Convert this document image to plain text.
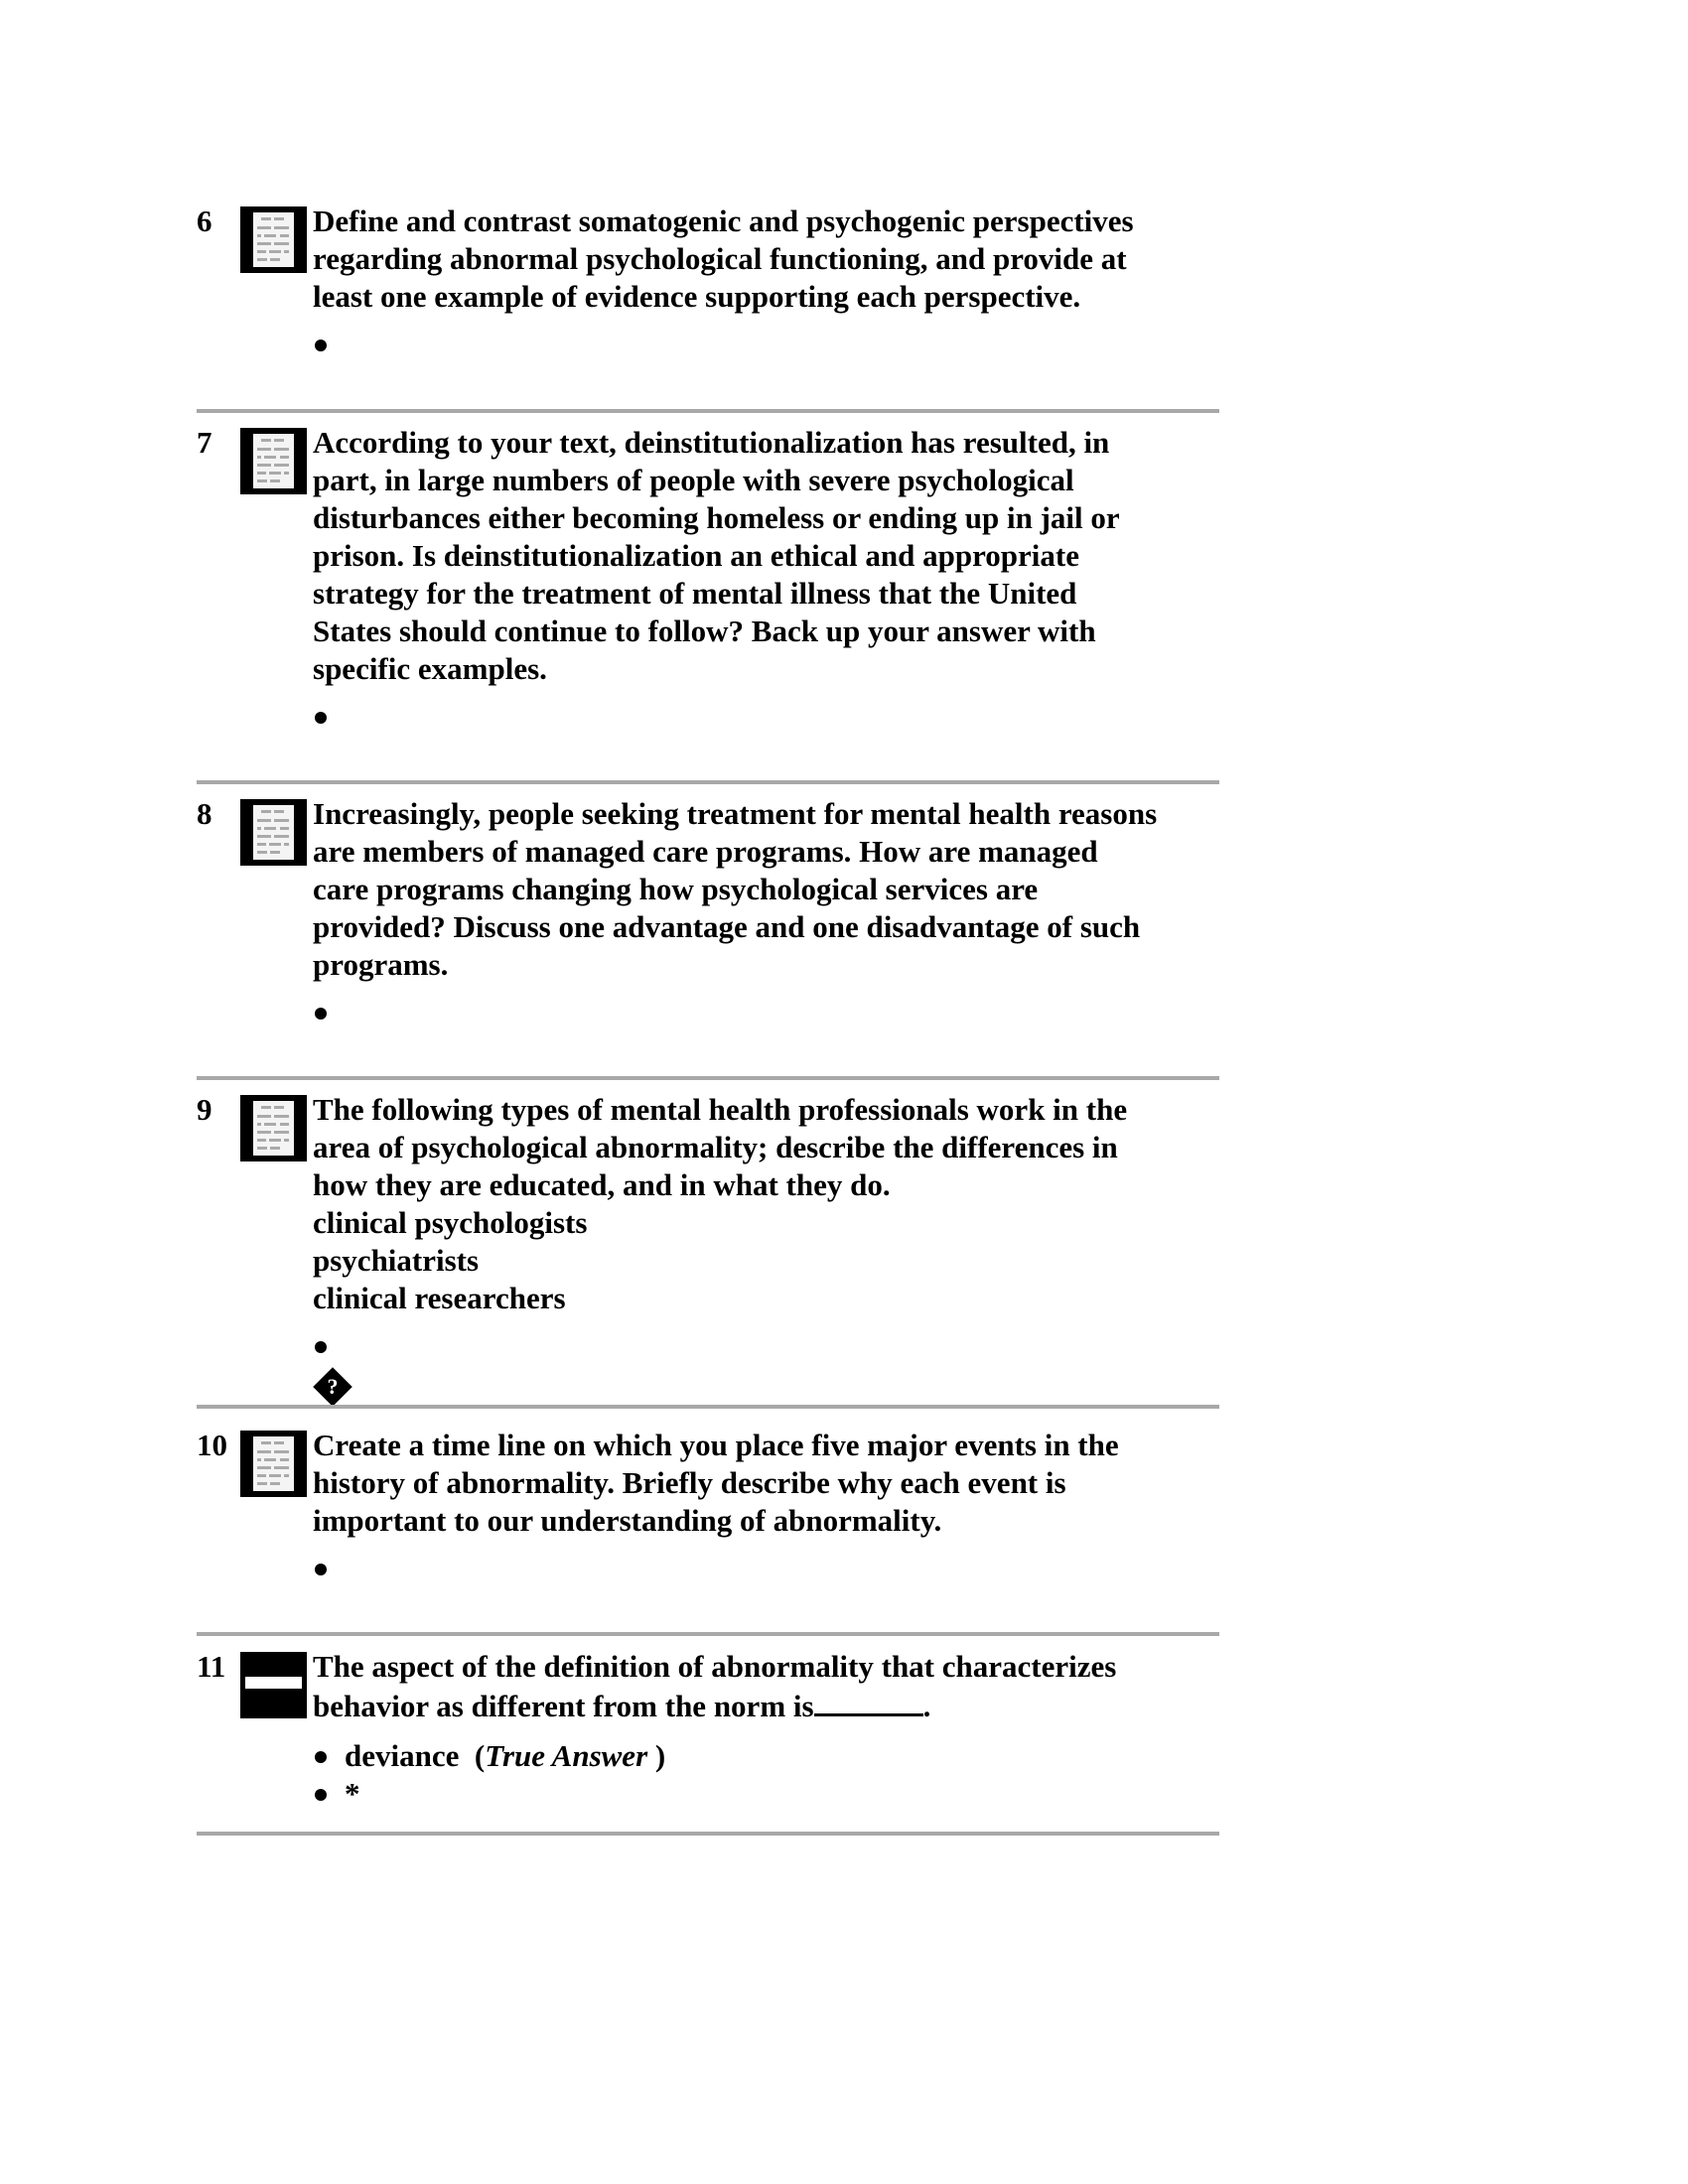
6	Define and contrast somatogenic and psychogenic perspectives
regarding abnormal psychological functioning, and provide at
least one example of evidence supporting each perspective.

7	According to your text, deinstitutionalization has resulted, in
part, in large numbers of people with severe psychological
disturbances either becoming homeless or ending up in jail or
prison. Is deinstitutionalization an ethical and appropriate
strategy for the treatment of mental illness that the United
States should continue to follow? Back up your answer with
specific examples.

8	Increasingly, people seeking treatment for mental health reasons
are members of managed care programs. How are managed
care programs changing how psychological services are
provided? Discuss one advantage and one disadvantage of such
programs.

9	The following types of mental health professionals work in the
area of psychological abnormality; describe the differences in
how they are educated, and in what they do.
clinical psychologists
psychiatrists
clinical researchers

?
10	Create a time line on which you place five major events in the
history of abnormality. Briefly describe why each event is
important to our understanding of abnormality.

11	The aspect of the definition of abnormality that characterizes
behavior as different from the norm is	.
deviance (True Answer )
*
